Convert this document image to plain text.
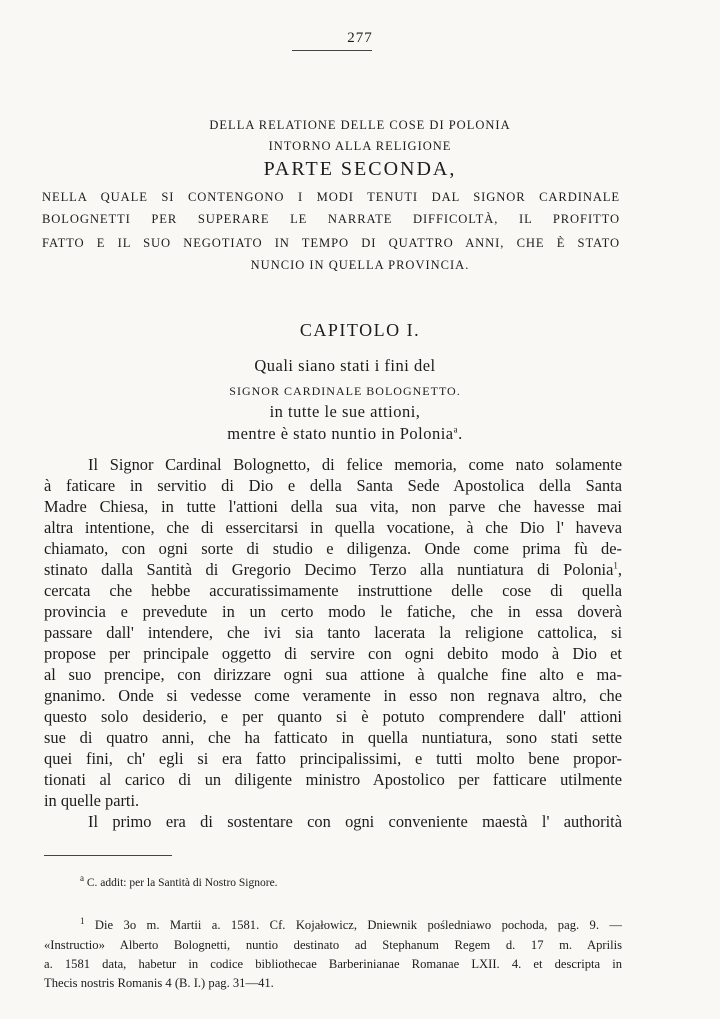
277
DELLA RELATIONE DELLE COSE DI POLONIA
INTORNO ALLA RELIGIONE
PARTE SECONDA,
NELLA QUALE SI CONTENGONO I MODI TENUTI DAL SIGNOR CARDINALE
BOLOGNETTI PER SUPERARE LE NARRATE DIFFICOLTÀ, IL PROFITTO
FATTO E IL SUO NEGOTIATO IN TEMPO DI QUATTRO ANNI, CHE È STATO
NUNCIO IN QUELLA PROVINCIA.
CAPITOLO I.
Quali siano stati i fini del
SIGNOR CARDINALE BOLOGNETTO.
in tutte le sue attioni,
mentre è stato nuntio in Polonia$^a$.
Il Signor Cardinal Bolognetto, di felice memoria, come nato solamente
à faticare in servitio di Dio e della Santa Sede Apostolica della Santa
Madre Chiesa, in tutte l'attioni della sua vita, non parve che havesse mai
altra intentione, che di essercitarsi in quella vocatione, à che Dio l' haveva
chiamato, con ogni sorte di studio e diligenza. Onde come prima fù de-
stinato dalla Santità di Gregorio Decimo Terzo alla nuntiatura di Polonia$^1$,
cercata che hebbe accuratissimamente instruttione delle cose di quella
provincia e prevedute in un certo modo le fatiche, che in essa doverà
passare dall' intendere, che ivi sia tanto lacerata la religione cattolica, si
propose per principale oggetto di servire con ogni debito modo à Dio et
al suo prencipe, con dirizzare ogni sua attione à qualche fine alto e ma-
gnanimo. Onde si vedesse come veramente in esso non regnava altro, che
questo solo desiderio, e per quanto si è potuto comprendere dall' attioni
sue di quatro anni, che ha fatticato in quella nuntiatura, sono stati sette
quei fini, ch' egli si era fatto principalissimi, e tutti molto bene propor-
tionati al carico di un diligente ministro Apostolico per fatticare utilmente
in quelle parti.
Il primo era di sostentare con ogni conveniente maestà l' authorità
$^a$ C. addit: per la Santità di Nostro Signore.
$^1$ Die 3o m. Martii a. 1581. Cf. Kojałowicz, Dniewnik pośledniawo pochoda, pag. 9. —
«Instructio» Alberto Bolognetti, nuntio destinato ad Stephanum Regem d. 17 m. Aprilis
a. 1581 data, habetur in codice bibliothecae Barberinianae Romanae LXII. 4. et descripta in
Thecis nostris Romanis 4 (B. I.) pag. 31—41.
